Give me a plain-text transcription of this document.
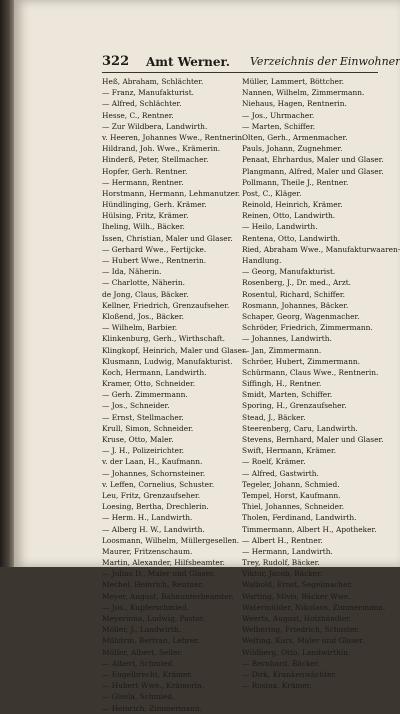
322 Amt Werner. Verzeichnis der Einwohner
Heß, Abraham, Schlächter.
— Franz, Manufakturist.
— Alfred, Schlächter.
Hesse, C., Rentner.
— Zur Wildbera, Landwirth.
v. Heeren, Johannes Wwe., Rentnerin.
Hildrand, Joh. Wwe., Krämerin.
Hinderß, Peter, Stellmacher.
Hopfer, Gerh. Rentner.
— Hermann, Rentner.
Horstmann, Hermann, Lehmanutzer.
Hündlinging, Gerh. Krämer.
Hülsing, Fritz, Krämer.
Iheling, Wilh., Bäcker.
Issen, Christian, Maler und Glaser.
— Gerhard Wwe., Fertijcke.
— Hubert Wwe., Rentnerin.
— Ida, Näherin.
— Charlotte, Näherin.
de Jong, Claus, Bäcker.
Kellner, Friedrich, Grenzaufseher.
Kloßend, Jos., Bäcker.
— Wilhelm, Barbier.
Klinkenburg, Gerh., Wirthschaft.
Klingkopf, Heinrich, Maler und Glaser.
Klusmann, Ludwig, Manufakturist.
Koch, Hermann, Landwirth.
Kramer, Otto, Schneider.
— Gerh. Zimmermann.
— Jos., Schneider.
— Ernst, Stellmacher.
Krull, Simon, Schneider.
Kruse, Otto, Maler.
— J. H., Polizeirichter.
v. der Laan, H., Kaufmann.
— Johannes, Schornsteiner.
v. Leffen, Cornelius, Schuster.
Leu, Fritz, Grenzaufseher.
Loesing, Bertha, Drechlerin.
— Herm. H., Landwirth.
— Alberg H. W., Landwirth.
Loosmann, Wilhelm, Müllergesellen.
Maurer, Fritzenschaum.
Martin, Alexander, Hilfsbeamter.
— Julius D., Maler und Glaser.
Mechel, Heinrich, Rentner.
Meyer, August, Bahnunterbeamter.
— Jos., Kupferschmied.
Meyerinna, Ludwig, Pastor.
Möller, J., Landwirth.
Mülstrin, Bertran, Lehrer.
Müller, Albert, Seiler.
— Albert, Schmied.
— Engelbrecht, Krämer.
— Hubert Wwe., Krämerin.
— Gisela, Schmied.
— Heinrich, Zimmermann.
Müller, Lammert, Böttcher.
Nannen, Wilhelm, Zimmermann.
Niehaus, Hagen, Rentnerin.
— Jos., Uhrmacher.
— Marten, Schiffer.
Olten, Gerh., Armenmacher.
Pauls, Johann, Zugnehmer.
Penaat, Ehrhardus, Maler und Glaser.
Plangmann, Alfred, Maler und Glaser.
Pollmann, Theile J., Rentner.
Post, C., Kläger.
Reinold, Heinrich, Krämer.
Reinen, Otto, Landwirth.
— Heilo, Landwirth.
Rentena, Otto, Landwirth.
Ried, Abraham Wwe., Manufakturwaaren-
Handlung.
— Georg, Manufakturist.
Rosenberg, J., Dr. med., Arzt.
Rosentul, Richard, Schiffer.
Rosmann, Johannes, Bäcker.
Schaper, Georg, Wagenmacher.
Schröder, Friedrich, Zimmermann.
— Johannes, Landwirth.
— Jan, Zimmermann.
Schröer, Hubert, Zimmermann.
Schürmann, Claus Wwe., Rentnerin.
Siffingh, H., Rentner.
Smidt, Marten, Schiffer.
Sporing, H., Grenzaufseher.
Stead, J., Bäcker.
Steerenberg, Caru, Landwirth.
Stevens, Bernhard, Maler und Glaser.
Swift, Hermann, Krämer.
— Roelf, Krämer.
— Alfred, Gastwirth.
Tegeler, Johann, Schmied.
Tempel, Horst, Kaufmann.
Thiel, Johannes, Schneider.
Tholen, Ferdinand, Landwirth.
Timmermann, Albert H., Apotheker.
— Albert H., Rentner.
— Hermann, Landwirth.
Trey, Rudolf, Bäcker.
Viktor, Jacob, Bäcker.
Walbold, Ernst, Segelmacher.
Warting, Mivis, Bäcker Wwe.
Watermülder, Nikolaus, Zimmermann.
Weerts, August, Holzhändler.
Welbering, Friedrich, Schuster.
Welting, Kars, Maler und Glaser.
Wildberg, Otto, Landwirthin.
— Bernhard, Bäcker.
— Dirk, Krankenwächter.
— Rosina, Krämer.
